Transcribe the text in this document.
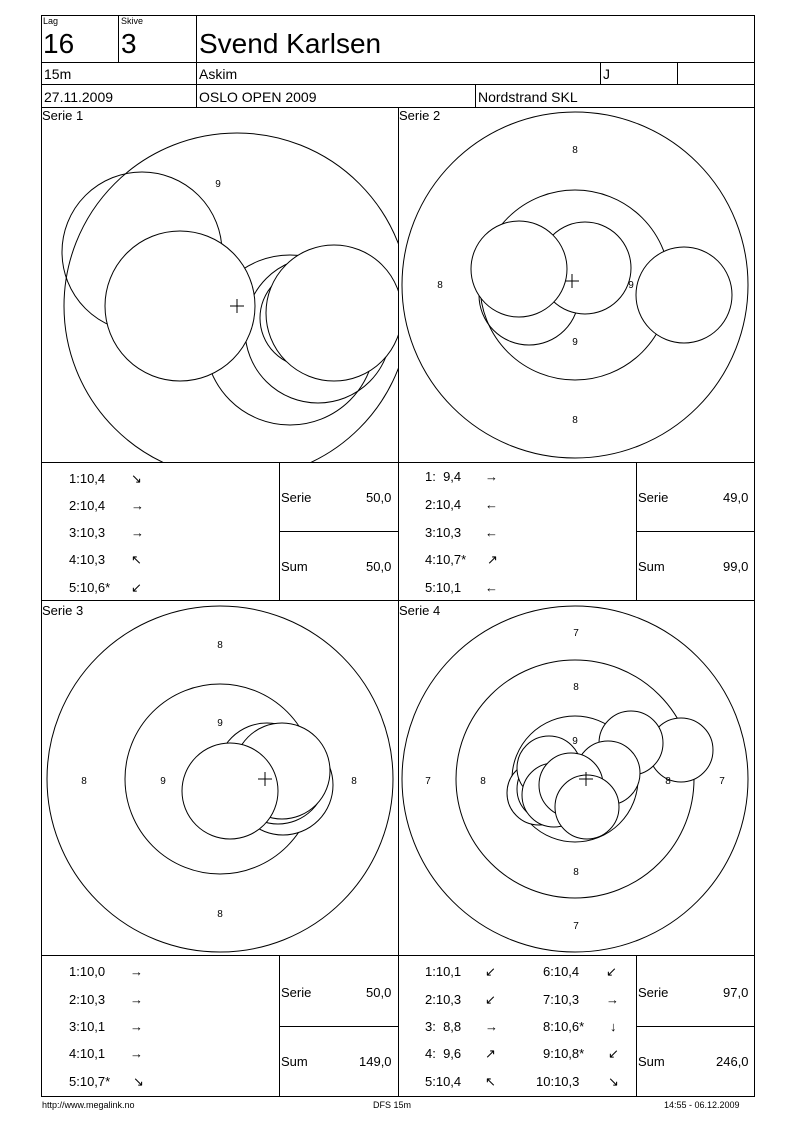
Lag
16
Skive
3 Svend Karlsen
15m	Askim	J
27.11.2009	OSLO OPEN 2009	Nordstrand SKL
Serie 1	Serie 2
Serie 3	Serie 4
9
8
8	9
9
8
8
9
8	9	8
8
7
8
9
7	8	8	7
8
7
1:10,4 ↘
2:10,4 →
3:10,3 →
4:10,3 ↖
5:10,6* ↙
Serie	50,0
Sum	50,0
1:  9,4 →
2:10,4 ←
3:10,3 ←
4:10,7* ↗
5:10,1 ←
Serie	49,0
Sum	99,0
1:10,0 →
2:10,3 →
3:10,1 →
4:10,1 →
5:10,7* ↘
Serie	50,0
Sum	149,0
1:10,1 ↙
2:10,3 ↙
3:  8,8 →
4:  9,6 ↗
5:10,4 ↖
6:10,4 ↙
7:10,3 →
8:10,6* ↓
9:10,8* ↙
10:10,3 ↘
Serie	97,0
Sum	246,0
http://www.megalink.no	DFS 15m	14:55 - 06.12.2009
